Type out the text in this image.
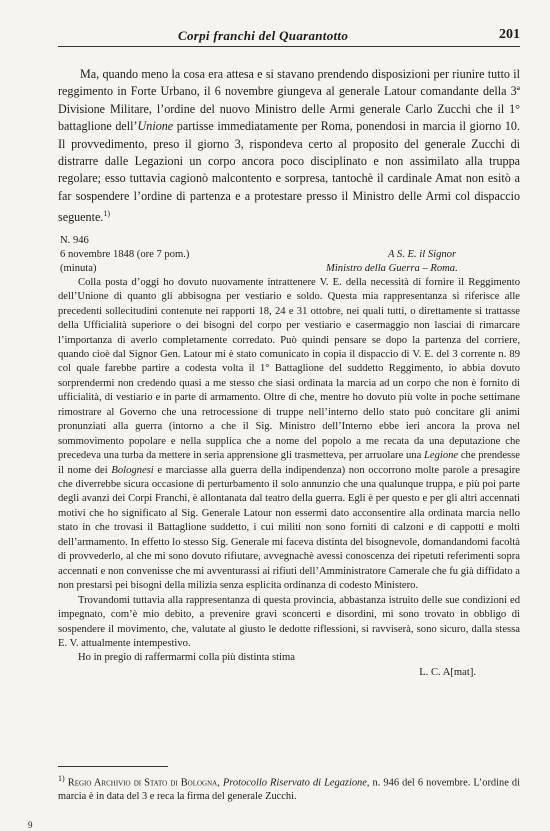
Corpi franchi del Quarantotto	201

Ma, quando meno la cosa era attesa e si stavano prendendo disposizioni per riunire tutto il reggimento in Forte Urbano, il 6 novembre giungeva al generale Latour comandante della 3ª Divisione Militare, l’ordine del nuovo Ministro delle Armi generale Carlo Zucchi che il 1° battaglione dell’Unione partisse immediatamente per Roma, ponendosi in marcia il giorno 10. Il provvedimento, preso il giorno 3, rispondeva certo al proposito del generale Zucchi di distrarre dalle Legazioni un corpo ancora poco disciplinato e non assimilato alla truppa regolare; esso tuttavia cagionò malcontento e sorpresa, tantochè il cardinale Amat non esitò a far sospendere l’ordine di partenza e a protestare presso il Ministro delle Armi col dispaccio seguente.$^{1)}$

N. 946
6 novembre 1848 (ore 7 pom.)
(minuta)
A S. E. il Signor
Ministro della Guerra – Roma.

Colla posta d’oggi ho dovuto nuovamente intrattenere V. E. della necessità di fornire il Reggimento dell’Unione di quanto gli abbisogna per vestiario e soldo. Questa mia rappresentanza si riferisce alle precedenti sollecitudini contenute nei rapporti 18, 24 e 31 ottobre, nei quali tutti, o direttamente si trattasse della Ufficialità superiore o dei bisogni del corpo per vestiario e casermaggio non lasciai di rimarcare l’importanza di averlo completamente corredato. Può quindi pensare se dopo la partenza del corriere, quando cioè dal Signor Gen. Latour mi è stato comunicato in copia il dispaccio di V. E. del 3 corrente n. 89 col quale farebbe partire a codesta volta il 1° Battaglione del suddetto Reggimento, io abbia dovuto sorprendermi non credendo quasi a me stesso che siasi ordinata la marcia ad un corpo che non è fornito di ufficialità, di vestiario e in parte di armamento. Oltre di che, mentre ho dovuto più volte in poche settimane rimostrare al Governo che una retrocessione di truppe nell’interno dello stato può concitare gli animi pronunziati alla guerra (intorno a che il Sig. Ministro dell’Interno ebbe ieri ancora la prova nel sommovimento popolare e nella supplica che a nome del popolo a me recata da una deputazione che precedeva una turba da mettere in seria apprensione gli trasmetteva, per arruolare una Legione che prendesse il nome dei Bolognesi e marciasse alla guerra della indipendenza) non occorrono molte parole a presagire che diverrebbe sicura occasione di perturbamento il solo annunzio che una qualunque truppa, e più poi parte degli avanzi dei Corpi Franchi, è allontanata dal teatro della guerra. Egli è per questo e per gli altri accennati motivi che ho significato al Sig. Generale Latour non essermi dato acconsentire alla ordinata marcia nello stato in che trovasi il Battaglione suddetto, i cui militi non sono forniti di calzoni e di cappotti e molti dell’armamento. In effetto lo stesso Sig. Generale mi faceva distinta del bisognevole, domandandomi facoltà di provvederlo, al che mi sono dovuto rifiutare, avvegnachè avessi conoscenza dei ripetuti referimenti sopra accennati e non convenisse che mi avventurassi ai rifiuti dell’Amministratore Camerale che fu già diffidato a non prestarsi pei bisogni della milizia senza esplicita ordinanza di codesto Ministero.

Trovandomi tuttavia alla rappresentanza di questa provincia, abbastanza istruito delle sue condizioni ed impegnato, com’è mio debito, a prevenire gravi sconcerti e disordini, mi sono trovato in obbligo di sospendere il movimento, che, valutate al giusto le dedotte riflessioni, si ravviserà, sono sicuro, dalla stessa E. V. attualmente intempestivo.

Ho in pregio di raffermarmi colla più distinta stima

L. C. A[mat].
$^{1)}$ Regio Archivio di Stato di Bologna, Protocollo Riservato di Legazione, n. 946 del 6 novembre. L’ordine di marcia è in data del 3 e reca la firma del generale Zucchi.
9
